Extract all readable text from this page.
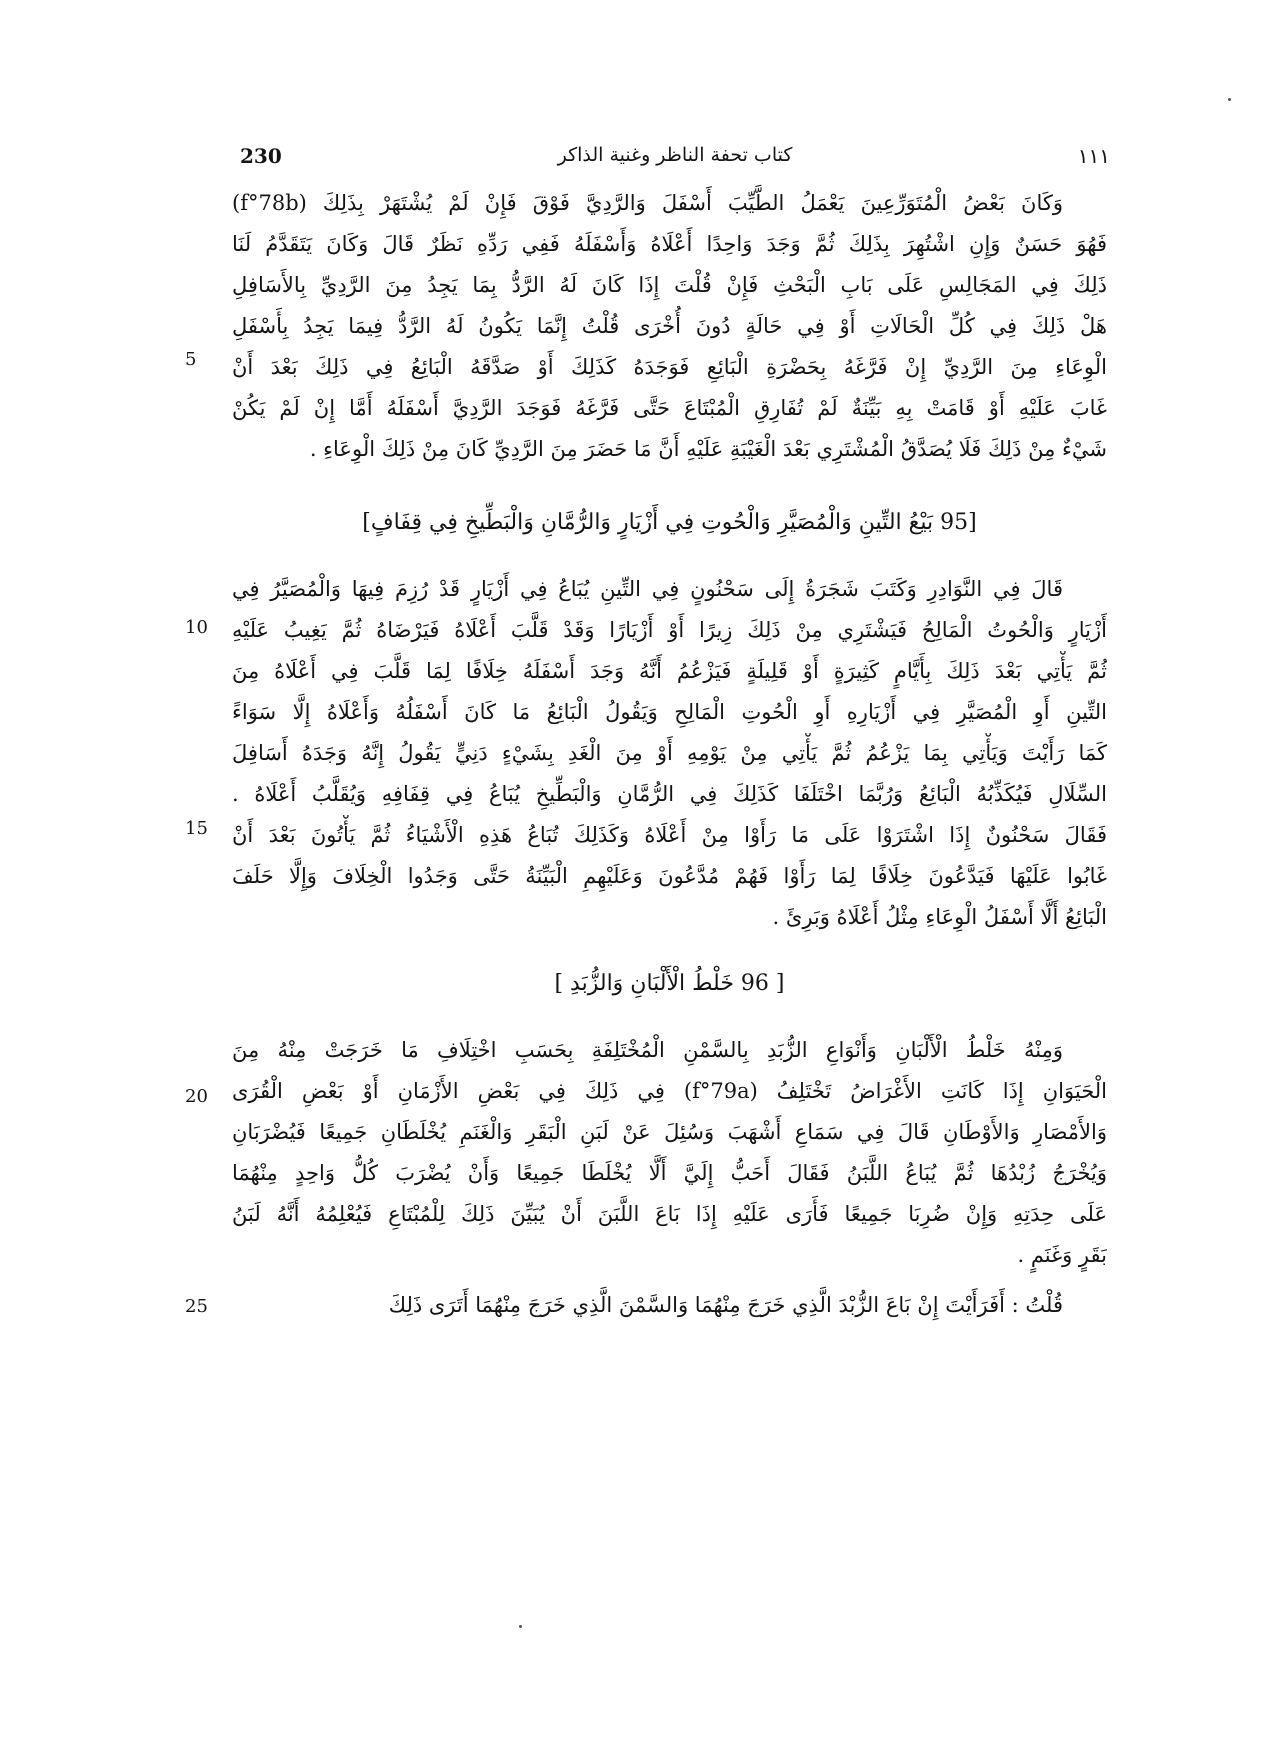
230	كتاب تحفة الناظر وغنية الذاكر	١١١
وَكَانَ بَعْضُ الْمُتَوَرِّعِينَ يَعْمَلُ الطَّيِّبَ أَسْفَلَ وَالرَّدِيَّ فَوْقَ فَإِنْ لَمْ يُشْتَهَرْ بِذَلِكَ (f°78b)
فَهُوَ حَسَنٌ وَإِنِ اشْتُهِرَ بِذَلِكَ ثُمَّ وَجَدَ وَاحِدًا أَعْلَاهُ وَأَسْفَلَهُ فَفِي رَدِّهِ نَظَرٌ قَالَ وَكَانَ يَتَقَدَّمُ لَنَا
ذَلِكَ فِي المَجَالِسِ عَلَى بَابِ الْبَحْثِ فَإِنْ قُلْتَ إِذَا كَانَ لَهُ الرَّدُّ بِمَا يَجِدُ مِنَ الرَّدِيِّ بِالأَسَافِلِ
هَلْ ذَلِكَ فِي كُلِّ الْحَالَاتِ أَوْ فِي حَالَةٍ دُونَ أُخْرَى قُلْتُ إِنَّمَا يَكُونُ لَهُ الرَّدُّ فِيمَا يَجِدُ بِأَسْفَلِ
الْوِعَاءِ مِنَ الرَّدِيِّ إِنْ فَرَّغَهُ بِحَضْرَةِ الْبَائِعِ فَوَجَدَهُ كَذَلِكَ أَوْ صَدَّقَهُ الْبَائِعُ فِي ذَلِكَ بَعْدَ أَنْ
غَابَ عَلَيْهِ أَوْ قَامَتْ بِهِ بَيِّنَةٌ لَمْ تُفَارِقِ الْمُبْتَاعَ حَتَّى فَرَّغَهُ فَوَجَدَ الرَّدِيَّ أَسْفَلَهُ أَمَّا إِنْ لَمْ يَكُنْ
شَيْءٌ مِنْ ذَلِكَ فَلَا يُصَدَّقُ الْمُشْتَرِي بَعْدَ الْغَيْبَةِ عَلَيْهِ أَنَّ مَا حَضَرَ مِنَ الرَّدِيِّ كَانَ مِنْ ذَلِكَ الْوِعَاءِ .
[95 بَيْعُ التِّينِ وَالْمُصَيَّرِ وَالْحُوتِ فِي أَزْيَارٍ وَالرُّمَّانِ وَالْبَطِّيخِ فِي قِفَافٍ]
قَالَ فِي النَّوَادِرِ وَكَتَبَ شَجَرَةُ إِلَى سَحْنُونٍ فِي التِّينِ يُبَاعُ فِي أَزْيَارٍ قَدْ رُزِمَ فِيهَا وَالْمُصَيَّرُ فِي
أَزْيَارٍ وَالْحُوتُ الْمَالِحُ فَيَشْتَرِي مِنْ ذَلِكَ زِيرًا أَوْ أَزْيَارًا وَقَدْ قَلَّبَ أَعْلَاهُ فَيَرْضَاهُ ثُمَّ يَغِيبُ عَلَيْهِ
ثُمَّ يَأْتِي بَعْدَ ذَلِكَ بِأَيَّامٍ كَثِيرَةٍ أَوْ قَلِيلَةٍ فَيَزْعُمُ أَنَّهُ وَجَدَ أَسْفَلَهُ خِلَافًا لِمَا قَلَّبَ فِي أَعْلَاهُ مِنَ
التِّينِ أَوِ الْمُصَيَّرِ فِي أَزْيَارِهِ أَوِ الْحُوتِ الْمَالِحِ وَيَقُولُ الْبَائِعُ مَا كَانَ أَسْفَلُهُ وَأَعْلَاهُ إِلَّا سَوَاءً
كَمَا رَأَيْتَ وَيَأْتِي بِمَا يَزْعُمُ ثُمَّ يَأْتِي مِنْ يَوْمِهِ أَوْ مِنَ الْغَدِ بِشَيْءٍ دَنِيٍّ يَقُولُ إِنَّهُ وَجَدَهُ أَسَافِلَ
السِّلَالِ فَيُكَذِّبُهُ الْبَائِعُ وَرُبَّمَا اخْتَلَفَا كَذَلِكَ فِي الرُّمَّانِ وَالْبَطِّيخِ يُبَاعُ فِي قِفَافِهِ وَيُقَلَّبُ أَعْلَاهُ .
فَقَالَ سَحْنُونٌ إِذَا اشْتَرَوْا عَلَى مَا رَأَوْا مِنْ أَعْلَاهُ وَكَذَلِكَ تُبَاعُ هَذِهِ الْأَشْيَاءُ ثُمَّ يَأْتُونَ بَعْدَ أَنْ
غَابُوا عَلَيْهَا فَيَدَّعُونَ خِلَافًا لِمَا رَأَوْا فَهُمْ مُدَّعُونَ وَعَلَيْهِمِ الْبَيِّنَةُ حَتَّى وَجَدُوا الْخِلَافَ وَإِلَّا حَلَفَ
الْبَائِعُ أَلَّا أَسْفَلُ الْوِعَاءِ مِثْلُ أَعْلَاهُ وَبَرِئَ .
[ 96 خَلْطُ الْأَلْبَانِ وَالزُّبَدِ ]
وَمِنْهُ خَلْطُ الْأَلْبَانِ وَأَنْوَاعِ الزُّبَدِ بِالسَّمْنِ الْمُخْتَلِفَةِ بِحَسَبِ اخْتِلَافِ مَا خَرَجَتْ مِنْهُ مِنَ
الْحَيَوَانِ إِذَا كَانَتِ الأَغْرَاضُ تَخْتَلِفُ (f°79a) فِي ذَلِكَ فِي بَعْضِ الأَزْمَانِ أَوْ بَعْضِ الْقُرَى
وَالأَمْصَارِ وَالأَوْطَانِ قَالَ فِي سَمَاعِ أَشْهَبَ وَسُئِلَ عَنْ لَبَنِ الْبَقَرِ وَالْغَنَمِ يُخْلَطَانِ جَمِيعًا فَيُضْرَبَانِ
وَيُخْرَجُ زُبْدُهَا ثُمَّ يُبَاعُ اللَّبَنُ فَقَالَ أَحَبُّ إِلَيَّ أَلَّا يُخْلَطَا جَمِيعًا وَأَنْ يُضْرَبَ كُلُّ وَاحِدٍ مِنْهُمَا
عَلَى حِدَتِهِ وَإِنْ ضُرِبَا جَمِيعًا فَأَرَى عَلَيْهِ إِذَا بَاعَ اللَّبَنَ أَنْ يُبَيِّنَ ذَلِكَ لِلْمُبْتَاعِ فَيُعْلِمُهُ أَنَّهُ لَبَنُ
بَقَرٍ وَغَنَمٍ .
قُلْتُ : أَفَرَأَيْتَ إِنْ بَاعَ الزُّبْدَ الَّذِي خَرَجَ مِنْهُمَا وَالسَّمْنَ الَّذِي خَرَجَ مِنْهُمَا أَتَرَى ذَلِكَ
5
10
15
20
25
